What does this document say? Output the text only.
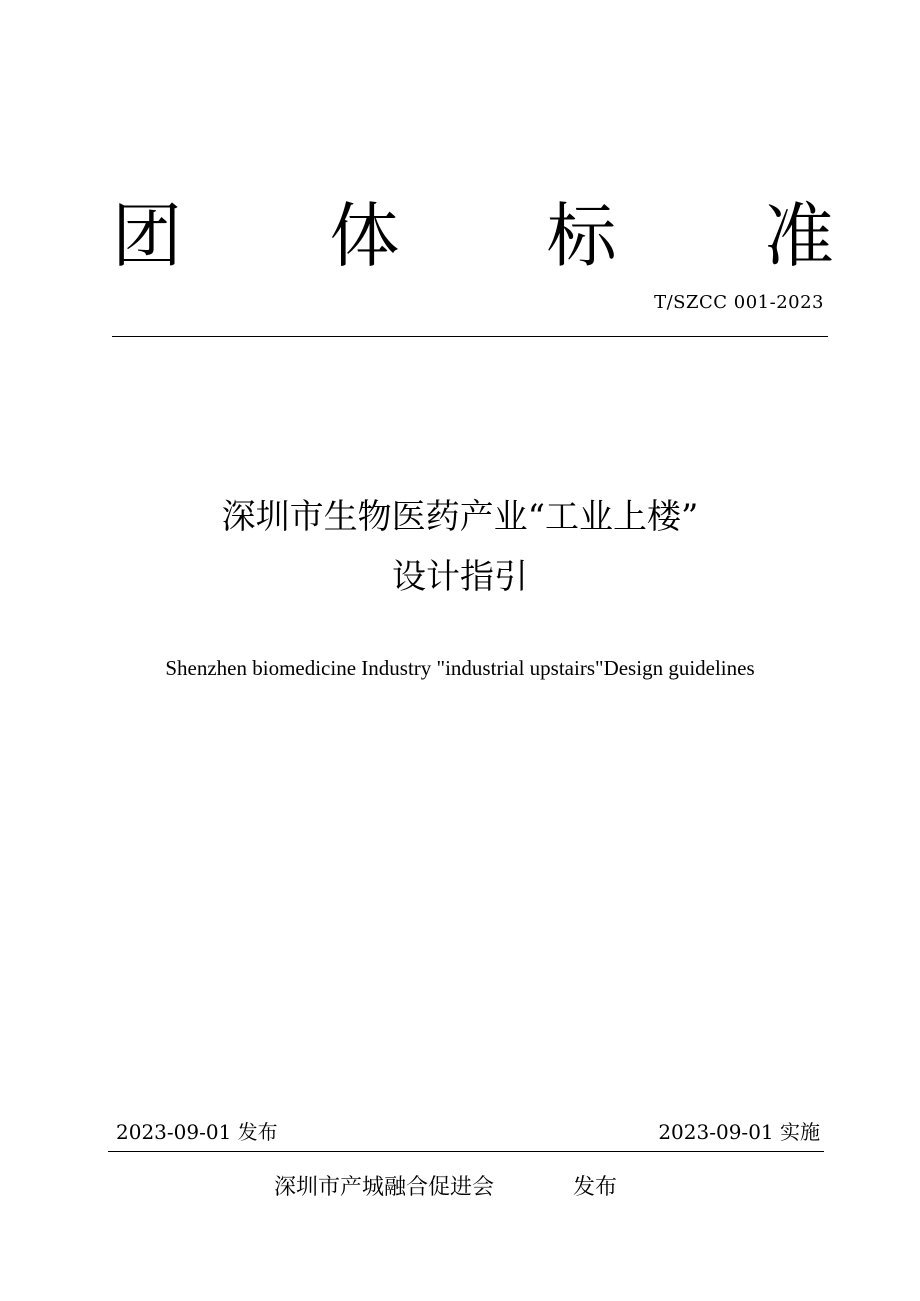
团 体 标 准
T/SZCC 001-2023
深圳市生物医药产业“工业上楼”
设计指引
Shenzhen biomedicine Industry "industrial upstairs"Design guidelines
2023-09-01 发布	2023-09-01 实施
深圳市产城融合促进会	发布
